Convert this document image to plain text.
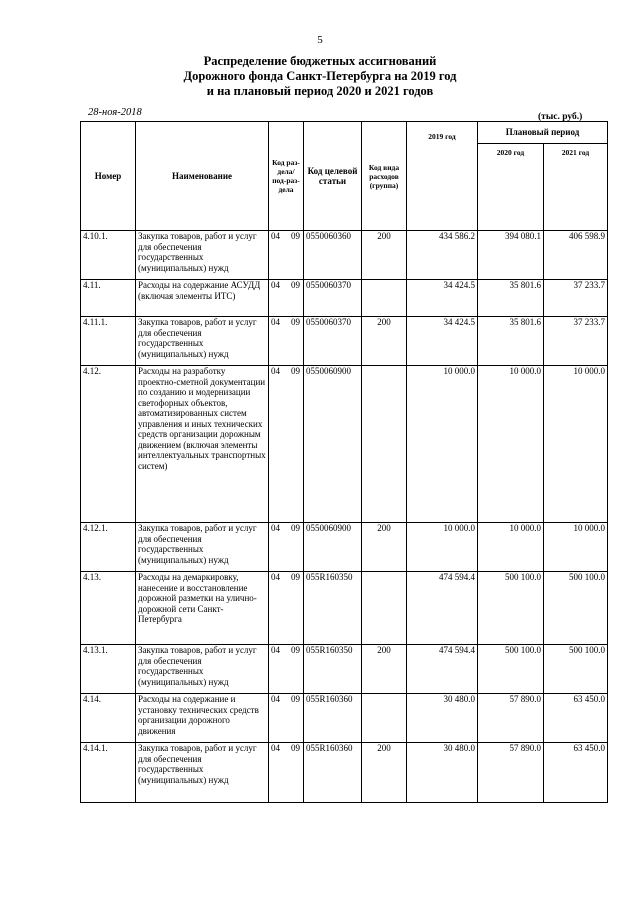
5
Распределение бюджетных ассигнований
Дорожного фонда Санкт-Петербурга на 2019 год
и на плановый период 2020 и 2021 годов
28-ноя-2018	(тыс. руб.)
Номер	Наименование	Код раз-дела/ под-раз-дела	Код целевой статьи	Код вида расходов (группа)	2019 год	Плановый период	
						2020 год	2021 год
4.10.1.	Закупка товаров, работ и услуг для обеспечения государственных (муниципальных) нужд	04 09	0550060360	200	434 586.2	394 080.1	406 598.9
4.11.	Расходы на содержание АСУДД (включая элементы ИТС)	04 09	0550060370		34 424.5	35 801.6	37 233.7
4.11.1.	Закупка товаров, работ и услуг для обеспечения государственных (муниципальных) нужд	04 09	0550060370	200	34 424.5	35 801.6	37 233.7
4.12.	Расходы на разработку проектно-сметной документации по созданию и модернизации светофорных объектов, автоматизированных систем управления и иных технических средств организации дорожным движением (включая элементы интеллектуальных транспортных систем)	04 09	0550060900		10 000.0	10 000.0	10 000.0
4.12.1.	Закупка товаров, работ и услуг для обеспечения государственных (муниципальных) нужд	04 09	0550060900	200	10 000.0	10 000.0	10 000.0
4.13.	Расходы на демаркировку, нанесение и восстановление дорожной разметки на улично-дорожной сети Санкт-Петербурга	04 09	055R160350		474 594.4	500 100.0	500 100.0
4.13.1.	Закупка товаров, работ и услуг для обеспечения государственных (муниципальных) нужд	04 09	055R160350	200	474 594.4	500 100.0	500 100.0
4.14.	Расходы на содержание и установку технических средств организации дорожного движения	04 09	055R160360		30 480.0	57 890.0	63 450.0
4.14.1.	Закупка товаров, работ и услуг для обеспечения государственных (муниципальных) нужд	04 09	055R160360	200	30 480.0	57 890.0	63 450.0
